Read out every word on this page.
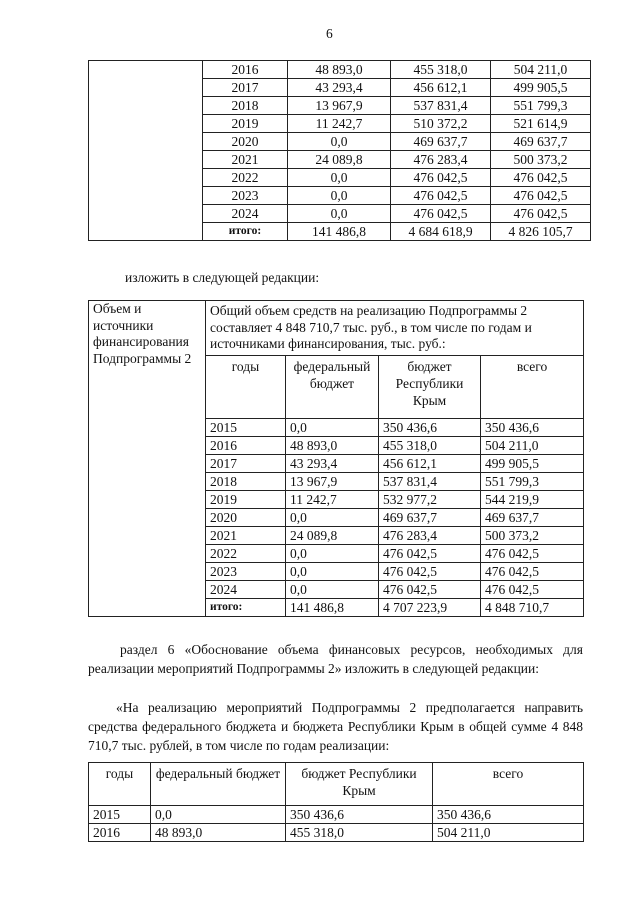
6
	2016	48 893,0	455 318,0	504 211,0
	2017	43 293,4	456 612,1	499 905,5
	2018	13 967,9	537 831,4	551 799,3
	2019	11 242,7	510 372,2	521 614,9
	2020	0,0	469 637,7	469 637,7
	2021	24 089,8	476 283,4	500 373,2
	2022	0,0	476 042,5	476 042,5
	2023	0,0	476 042,5	476 042,5
	2024	0,0	476 042,5	476 042,5
	итого:	141 486,8	4 684 618,9	4 826 105,7

изложить в следующей редакции:

Объем и источники финансирования Подпрограммы 2	Общий объем средств на реализацию Подпрограммы 2 составляет 4 848 710,7 тыс. руб., в том числе по годам и источниками финансирования, тыс. руб.:			
	годы	федеральный бюджет	бюджет Республики Крым	всего
	2015	0,0	350 436,6	350 436,6
	2016	48 893,0	455 318,0	504 211,0
	2017	43 293,4	456 612,1	499 905,5
	2018	13 967,9	537 831,4	551 799,3
	2019	11 242,7	532 977,2	544 219,9
	2020	0,0	469 637,7	469 637,7
	2021	24 089,8	476 283,4	500 373,2
	2022	0,0	476 042,5	476 042,5
	2023	0,0	476 042,5	476 042,5
	2024	0,0	476 042,5	476 042,5
	итого:	141 486,8	4 707 223,9	4 848 710,7

раздел 6 «Обоснование объема финансовых ресурсов, необходимых для реализации мероприятий Подпрограммы 2» изложить в следующей редакции:

«На реализацию мероприятий Подпрограммы 2 предполагается направить средства федерального бюджета и бюджета Республики Крым в общей сумме 4 848 710,7 тыс. рублей, в том числе по годам реализации:

годы	федеральный бюджет	бюджет Республики Крым	всего
2015	0,0	350 436,6	350 436,6
2016	48 893,0	455 318,0	504 211,0
